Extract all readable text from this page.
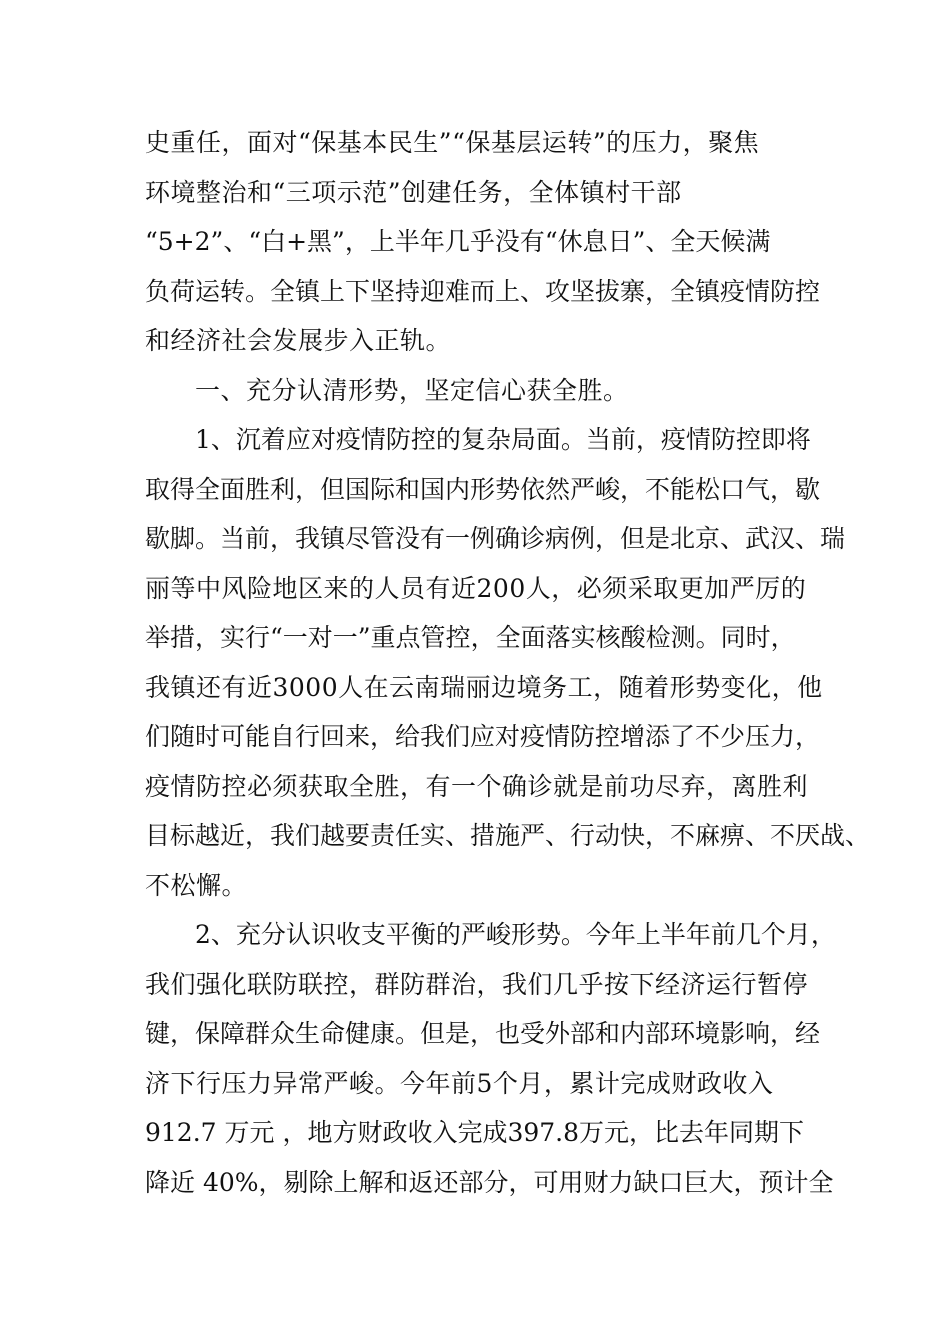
史重任，面对“保基本民生”“保基层运转”的压力，聚焦
环境整治和“三项示范”创建任务，全体镇村干部
“5+2”、“白+黑”，上半年几乎没有“休息日”、全天候满
负荷运转。全镇上下坚持迎难而上、攻坚拔寨，全镇疫情防控
和经济社会发展步入正轨。
一、充分认清形势，坚定信心获全胜。
1、沉着应对疫情防控的复杂局面。当前，疫情防控即将
取得全面胜利，但国际和国内形势依然严峻，不能松口气，歇
歇脚。当前，我镇尽管没有一例确诊病例，但是北京、武汉、瑞
丽等中风险地区来的人员有近200人，必须采取更加严厉的
举措，实行“一对一”重点管控，全面落实核酸检测。同时，
我镇还有近3000人在云南瑞丽边境务工，随着形势变化，他
们随时可能自行回来，给我们应对疫情防控增添了不少压力，
疫情防控必须获取全胜，有一个确诊就是前功尽弃，离胜利
目标越近，我们越要责任实、措施严、行动快，不麻痹、不厌战、
不松懈。
2、充分认识收支平衡的严峻形势。今年上半年前几个月，
我们强化联防联控，群防群治，我们几乎按下经济运行暂停
键，保障群众生命健康。但是，也受外部和内部环境影响，经
济下行压力异常严峻。今年前5个月，累计完成财政收入
912.7 万元 ，地方财政收入完成397.8万元，比去年同期下
降近 40%，剔除上解和返还部分，可用财力缺口巨大，预计全
